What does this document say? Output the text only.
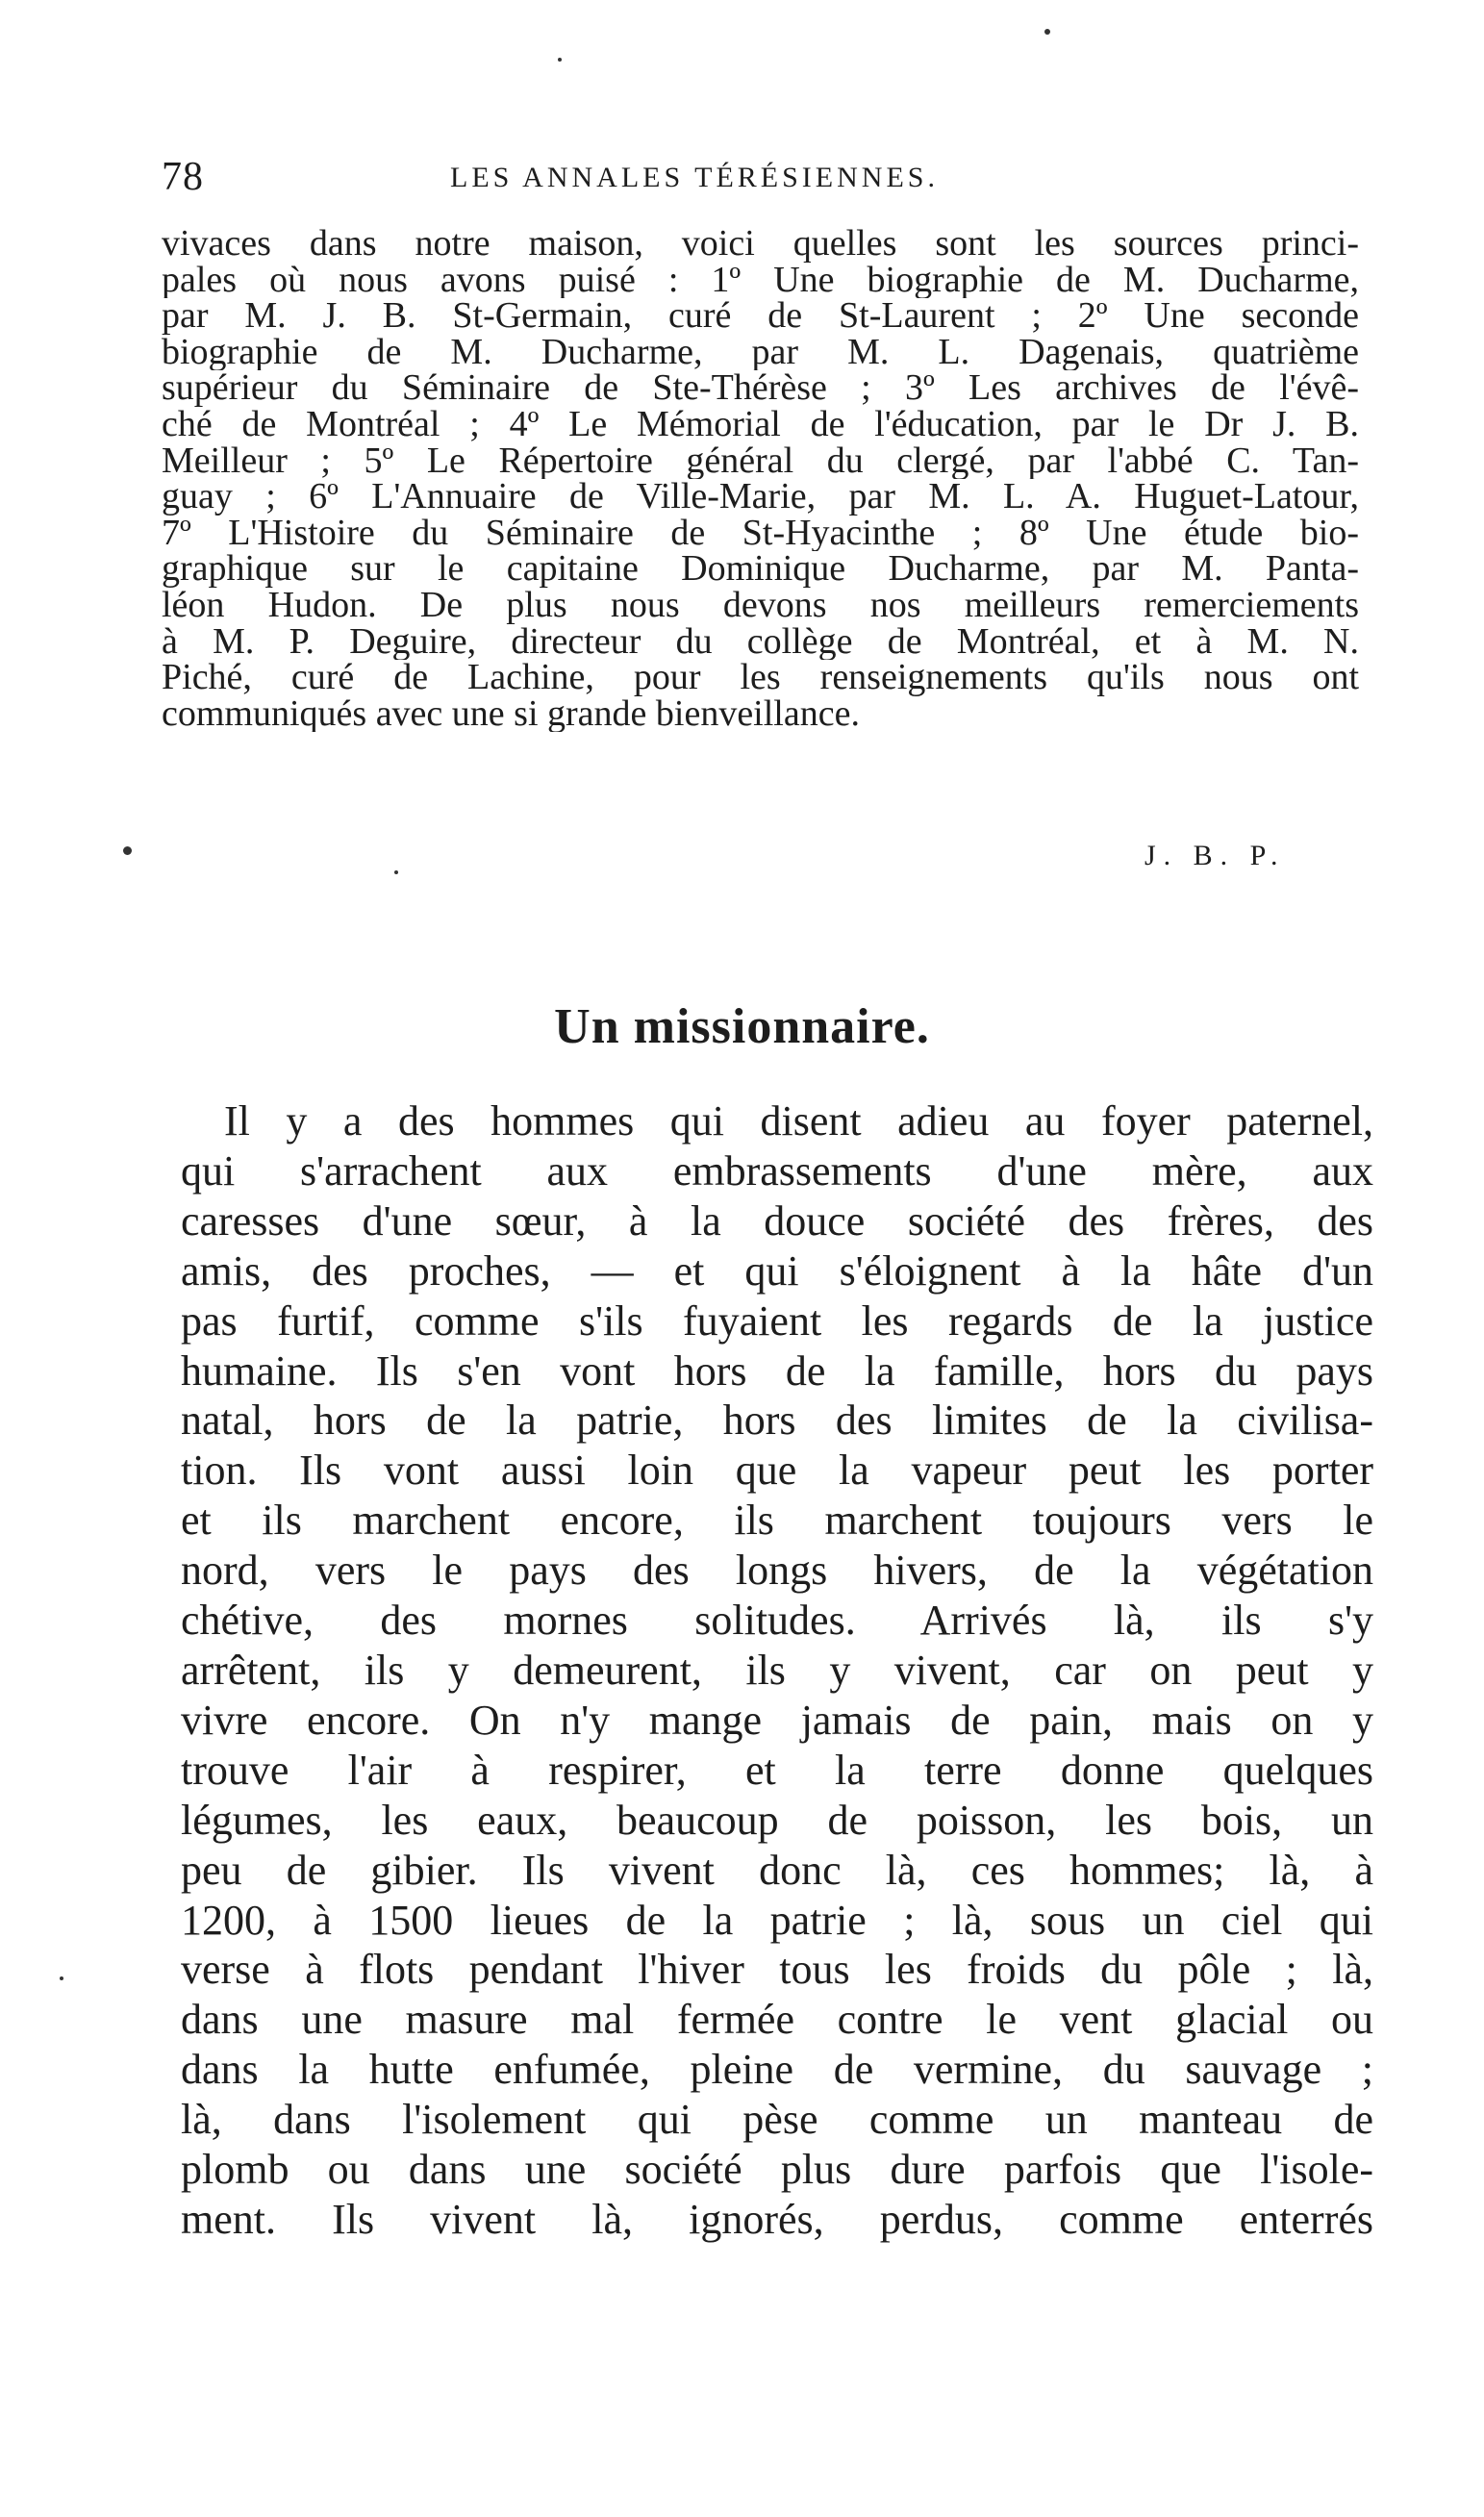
78	LES ANNALES TÉRÉSIENNES.
vivaces dans notre maison, voici quelles sont les sources princi-
pales où nous avons puisé : 1º Une biographie de M. Ducharme,
par M. J. B. St-Germain, curé de St-Laurent ; 2º Une seconde
biographie de M. Ducharme, par M. L. Dagenais, quatrième
supérieur du Séminaire de Ste-Thérèse ; 3º Les archives de l'évê-
ché de Montréal ; 4º Le Mémorial de l'éducation, par le Dr J. B.
Meilleur ; 5º Le Répertoire général du clergé, par l'abbé C. Tan-
guay ; 6º L'Annuaire de Ville-Marie, par M. L. A. Huguet-Latour,
7º L'Histoire du Séminaire de St-Hyacinthe ; 8º Une étude bio-
graphique sur le capitaine Dominique Ducharme, par M. Panta-
léon Hudon. De plus nous devons nos meilleurs remerciements
à M. P. Deguire, directeur du collège de Montréal, et à M. N.
Piché, curé de Lachine, pour les renseignements qu'ils nous ont
communiqués avec une si grande bienveillance.
J. B. P.
Un missionnaire.
Il y a des hommes qui disent adieu au foyer paternel,
qui s'arrachent aux embrassements d'une mère, aux
caresses d'une sœur, à la douce société des frères, des
amis, des proches, — et qui s'éloignent à la hâte d'un
pas furtif, comme s'ils fuyaient les regards de la justice
humaine. Ils s'en vont hors de la famille, hors du pays
natal, hors de la patrie, hors des limites de la civilisa-
tion. Ils vont aussi loin que la vapeur peut les porter
et ils marchent encore, ils marchent toujours vers le
nord, vers le pays des longs hivers, de la végétation
chétive, des mornes solitudes. Arrivés là, ils s'y
arrêtent, ils y demeurent, ils y vivent, car on peut y
vivre encore. On n'y mange jamais de pain, mais on y
trouve l'air à respirer, et la terre donne quelques
légumes, les eaux, beaucoup de poisson, les bois, un
peu de gibier. Ils vivent donc là, ces hommes; là, à
1200, à 1500 lieues de la patrie ; là, sous un ciel qui
verse à flots pendant l'hiver tous les froids du pôle ; là,
dans une masure mal fermée contre le vent glacial ou
dans la hutte enfumée, pleine de vermine, du sauvage ;
là, dans l'isolement qui pèse comme un manteau de
plomb ou dans une société plus dure parfois que l'isole-
ment. Ils vivent là, ignorés, perdus, comme enterrés
